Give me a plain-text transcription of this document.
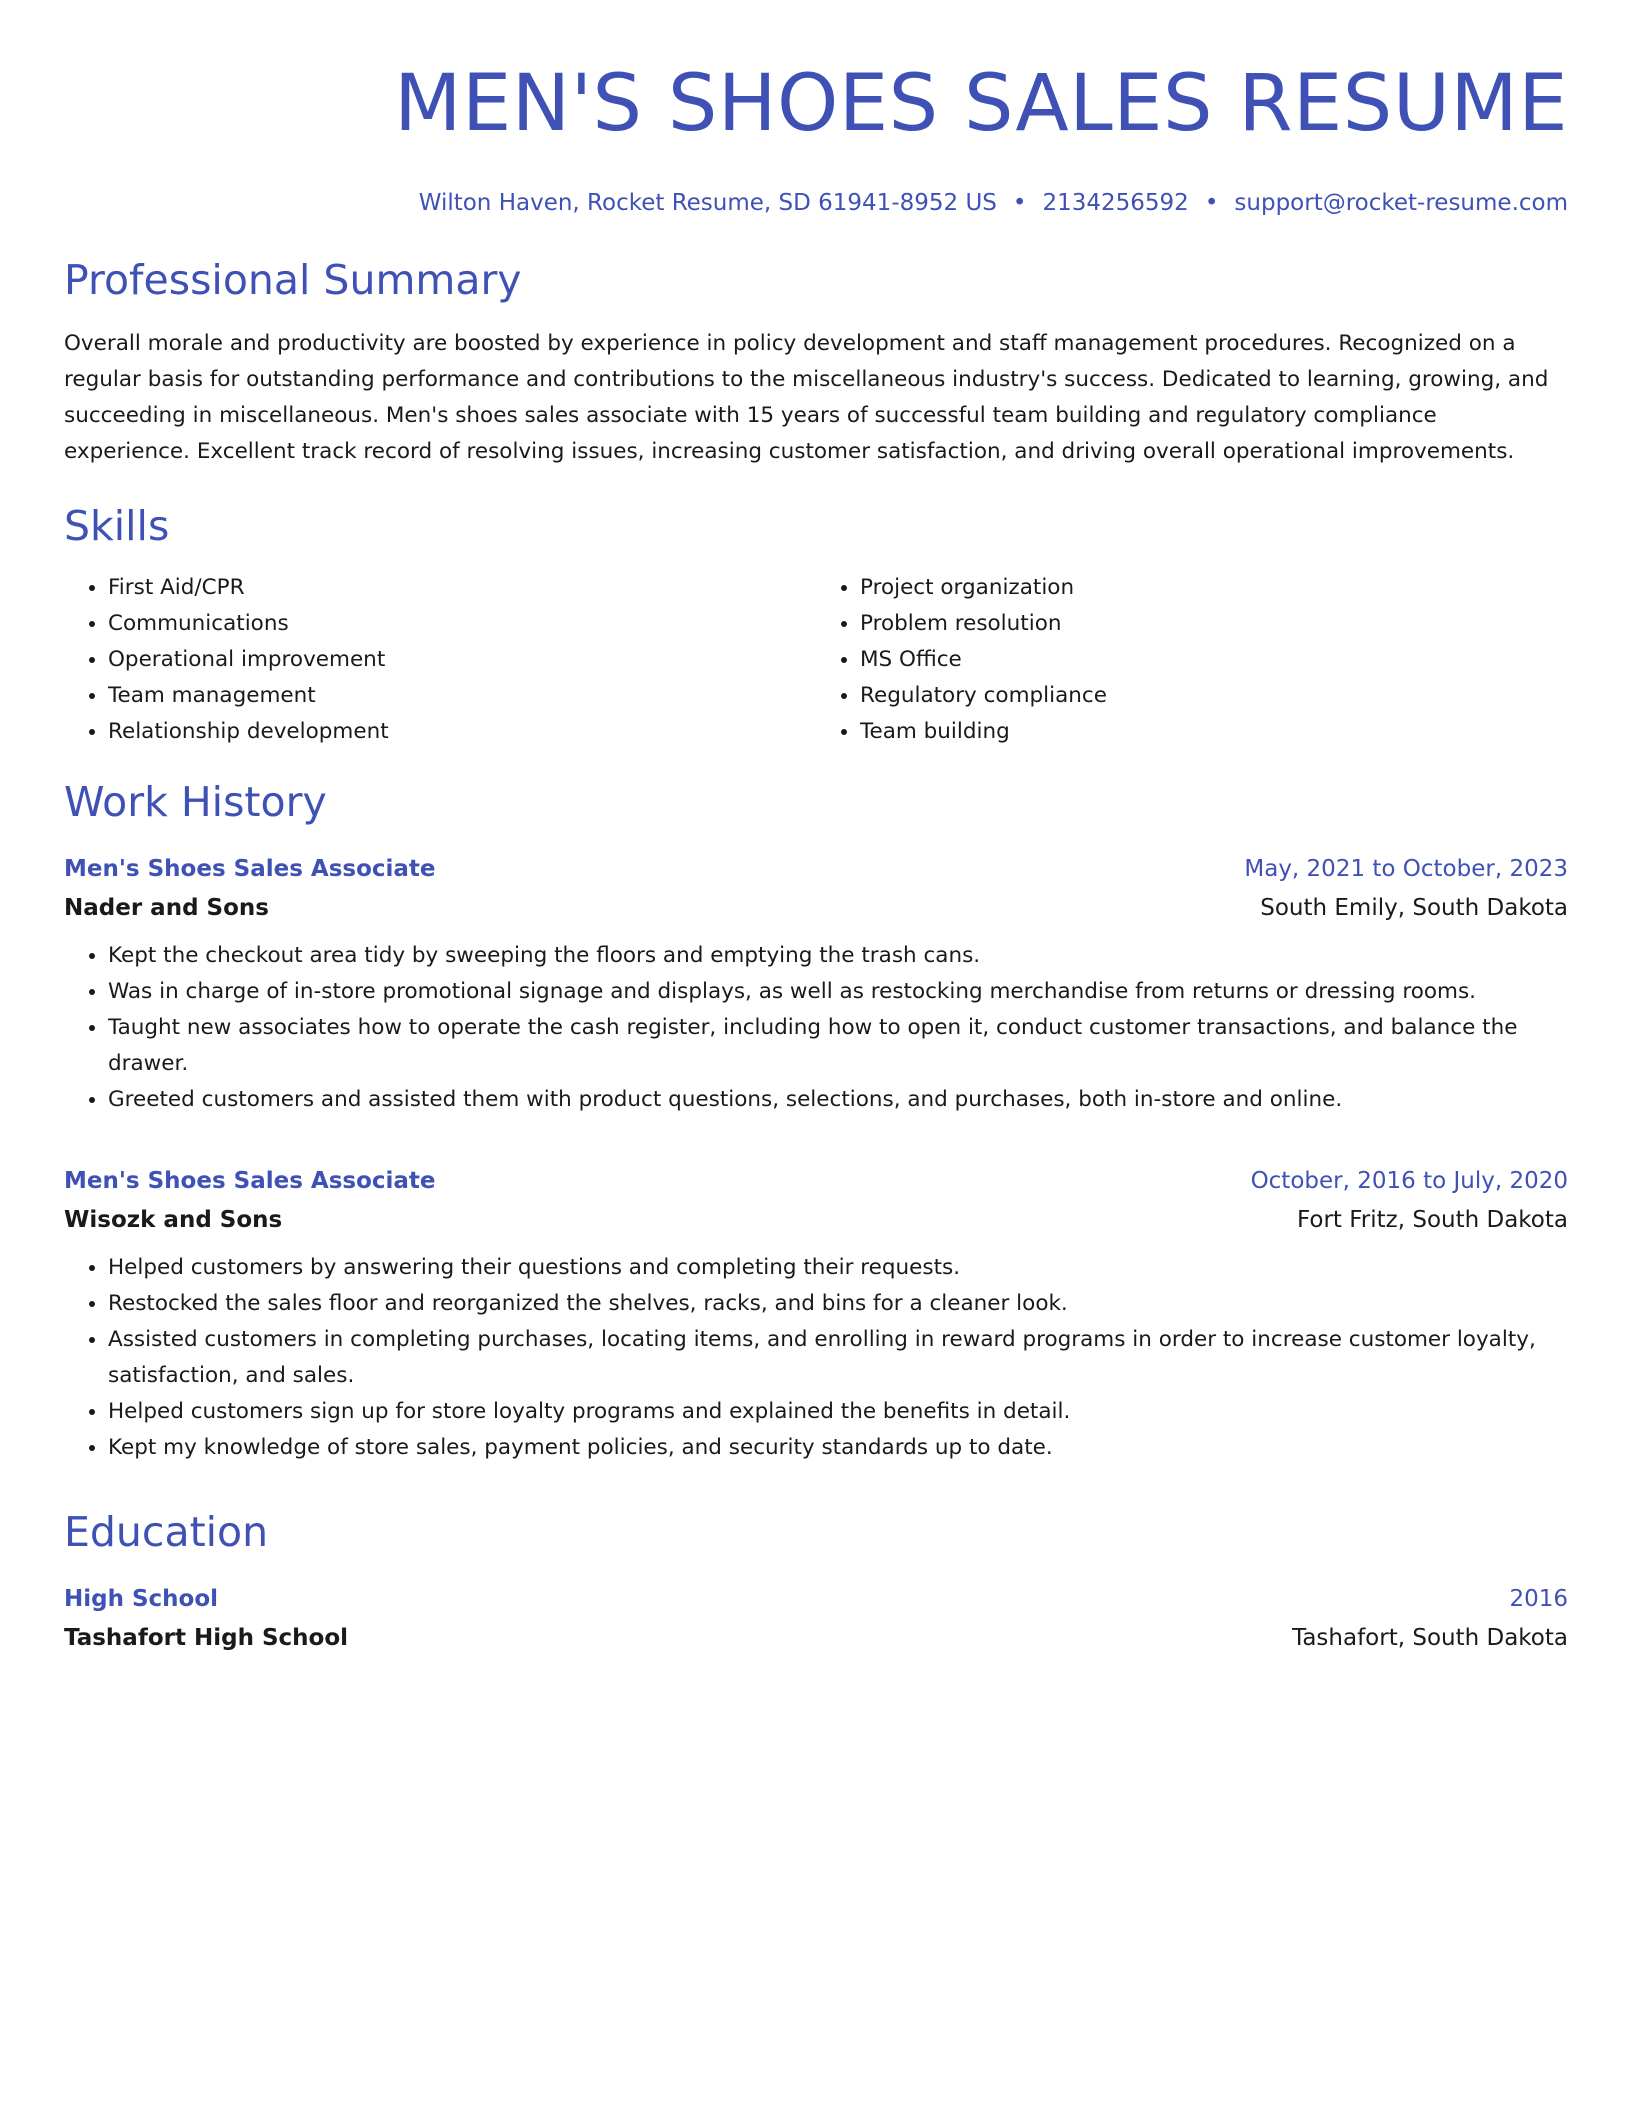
MEN'S SHOES SALES RESUME
Wilton Haven, Rocket Resume, SD 61941-8952 US • 2134256592 • support@rocket-resume.com
Professional Summary

Overall morale and productivity are boosted by experience in policy development and staff management procedures. Recognized on a regular basis for outstanding performance and contributions to the miscellaneous industry's success. Dedicated to learning, growing, and succeeding in miscellaneous. Men's shoes sales associate with 15 years of successful team building and regulatory compliance experience. Excellent track record of resolving issues, increasing customer satisfaction, and driving overall operational improvements.

Skills
• First Aid/CPR
• Communications
• Operational improvement
• Team management
• Relationship development
• Project organization
• Problem resolution
• MS Office
• Regulatory compliance
• Team building
Work History
Men's Shoes Sales Associate	May, 2021 to October, 2023
Nader and Sons	South Emily, South Dakota
• Kept the checkout area tidy by sweeping the floors and emptying the trash cans.
• Was in charge of in-store promotional signage and displays, as well as restocking merchandise from returns or dressing rooms.
• Taught new associates how to operate the cash register, including how to open it, conduct customer transactions, and balance the drawer.
• Greeted customers and assisted them with product questions, selections, and purchases, both in-store and online.
Men's Shoes Sales Associate	October, 2016 to July, 2020
Wisozk and Sons	Fort Fritz, South Dakota
• Helped customers by answering their questions and completing their requests.
• Restocked the sales floor and reorganized the shelves, racks, and bins for a cleaner look.
• Assisted customers in completing purchases, locating items, and enrolling in reward programs in order to increase customer loyalty, satisfaction, and sales.
• Helped customers sign up for store loyalty programs and explained the benefits in detail.
• Kept my knowledge of store sales, payment policies, and security standards up to date.
Education
High School	2016
Tashafort High School	Tashafort, South Dakota
